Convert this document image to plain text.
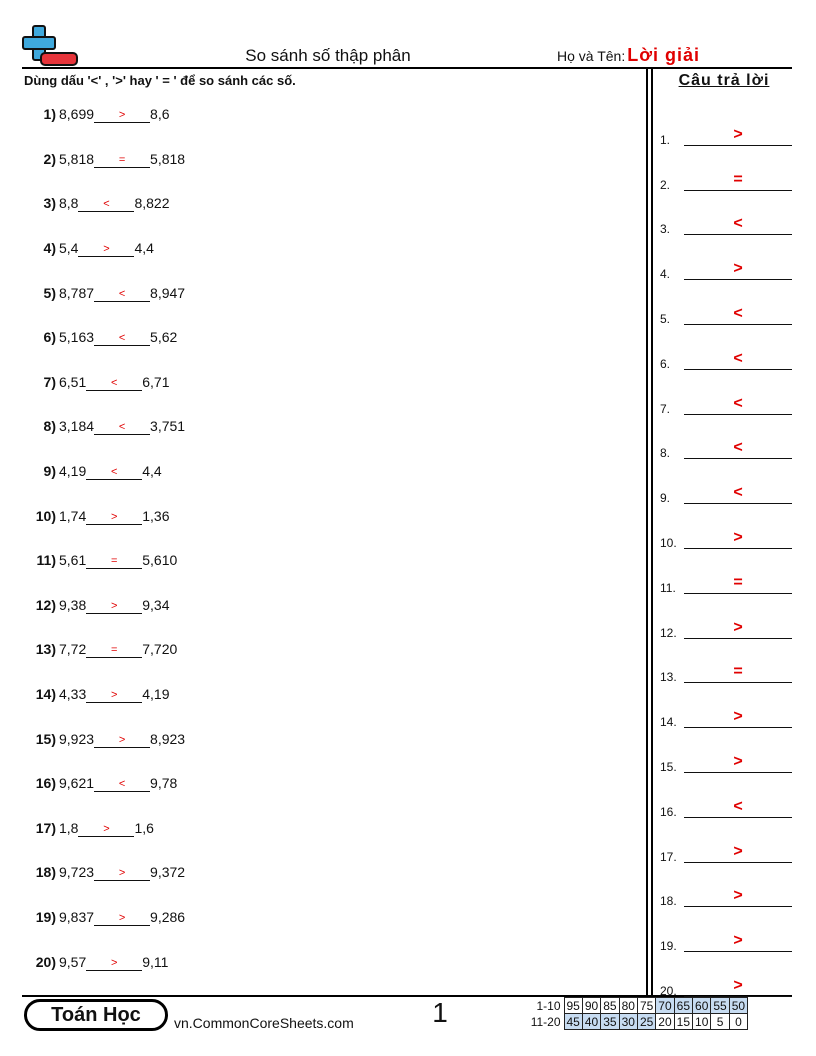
So sánh số thập phân	Họ và Tên: Lời giải
Dùng dấu '<' , '>' hay ' = ' để so sánh các số.	Câu trả lời
1) 8,699	>	8,6
2) 5,818	=	5,818
3) 8,8	<	8,822
4) 5,4	>	4,4
5) 8,787	<	8,947
6) 5,163	<	5,62
7) 6,51	<	6,71
8) 3,184	<	3,751
9) 4,19	<	4,4
10) 1,74	>	1,36
11) 5,61	=	5,610
12) 9,38	>	9,34
13) 7,72	=	7,720
14) 4,33	>	4,19
15) 9,923	>	8,923
16) 9,621	<	9,78
17) 1,8	>	1,6
18) 9,723	>	9,372
19) 9,837	>	9,286
20) 9,57	>	9,11
1.	>
2.	=
3.	<
4.	>
5.	<
6.	<
7.	<
8.	<
9.	<
10.	>
11.	=
12.	>
13.	=
14.	>
15.	>
16.	<
17.	>
18.	>
19.	>
20.	>
Toán Học	vn.CommonCoreSheets.com	1	1-10	95	90	85	80	75	70	65	60	55	50
11-20	45	40	35	30	25	20	15	10	5	0
